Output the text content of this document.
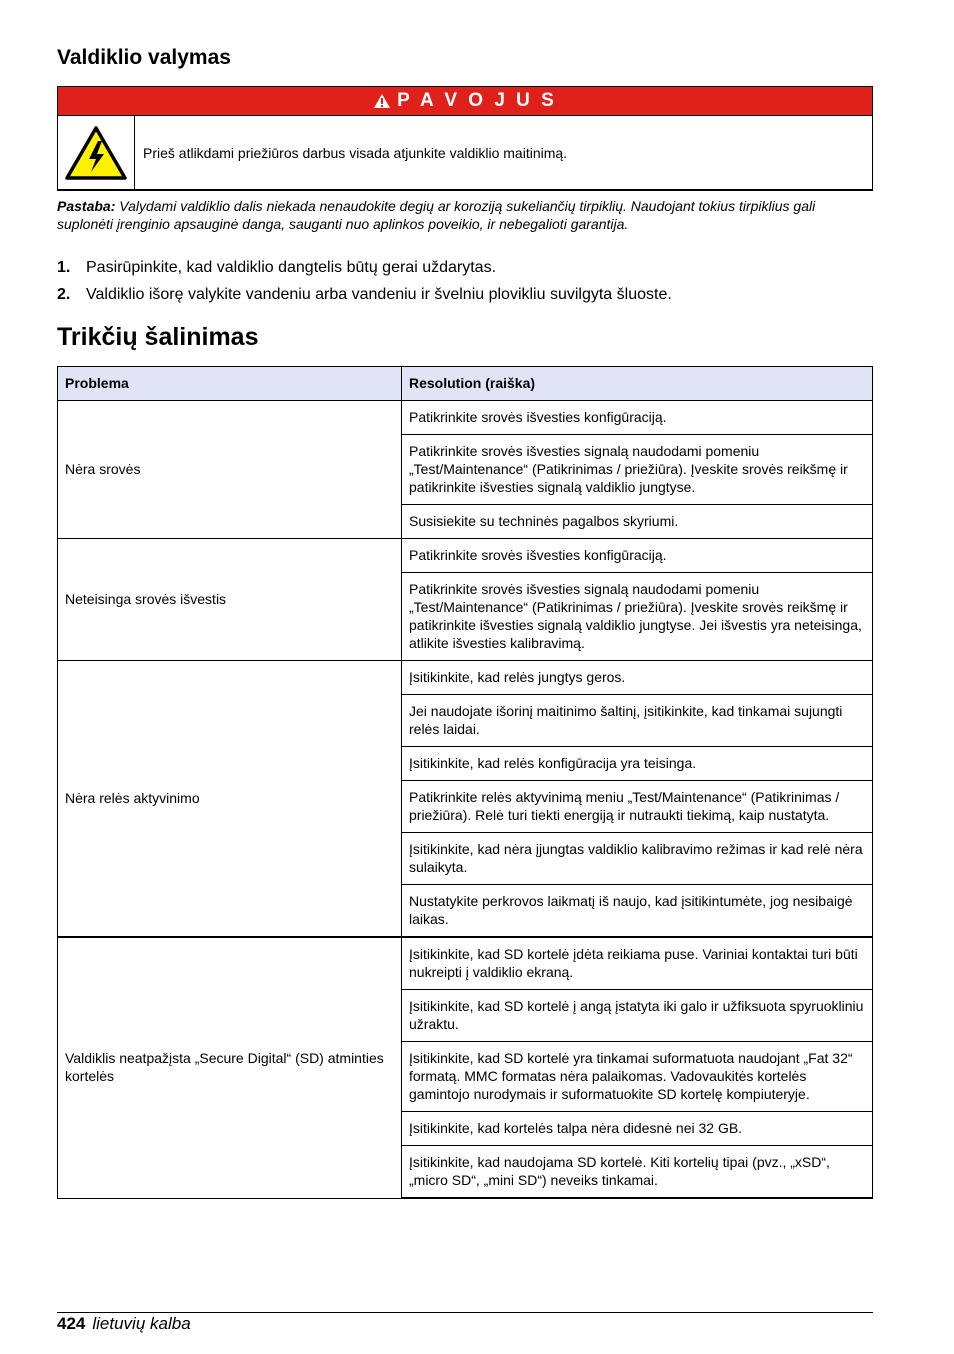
Valdiklio valymas
P A V O J U S
Prieš atlikdami priežiūros darbus visada atjunkite valdiklio maitinimą.
Pastaba: Valydami valdiklio dalis niekada nenaudokite degių ar koroziją sukeliančių tirpiklių. Naudojant tokius tirpiklius gali suplonėti įrenginio apsauginė danga, sauganti nuo aplinkos poveikio, ir nebegalioti garantija.
1. Pasirūpinkite, kad valdiklio dangtelis būtų gerai uždarytas.
2. Valdiklio išorę valykite vandeniu arba vandeniu ir švelniu plovikliu suvilgyta šluoste.
Trikčių šalinimas
Problema	Resolution (raiška)
Nėra srovės	Patikrinkite srovės išvesties konfigūraciją.
	Patikrinkite srovės išvesties signalą naudodami pomeniu „Test/Maintenance“ (Patikrinimas / priežiūra). Įveskite srovės reikšmę ir patikrinkite išvesties signalą valdiklio jungtyse.
	Susisiekite su techninės pagalbos skyriumi.
Neteisinga srovės išvestis	Patikrinkite srovės išvesties konfigūraciją.
	Patikrinkite srovės išvesties signalą naudodami pomeniu „Test/Maintenance“ (Patikrinimas / priežiūra). Įveskite srovės reikšmę ir patikrinkite išvesties signalą valdiklio jungtyse. Jei išvestis yra neteisinga, atlikite išvesties kalibravimą.
Nėra relės aktyvinimo	Įsitikinkite, kad relės jungtys geros.
	Jei naudojate išorinį maitinimo šaltinį, įsitikinkite, kad tinkamai sujungti relės laidai.
	Įsitikinkite, kad relės konfigūracija yra teisinga.
	Patikrinkite relės aktyvinimą meniu „Test/Maintenance“ (Patikrinimas / priežiūra). Relė turi tiekti energiją ir nutraukti tiekimą, kaip nustatyta.
	Įsitikinkite, kad nėra įjungtas valdiklio kalibravimo režimas ir kad relė nėra sulaikyta.
	Nustatykite perkrovos laikmatį iš naujo, kad įsitikintumėte, jog nesibaigė laikas.
Valdiklis neatpažįsta „Secure Digital“ (SD) atminties kortelės	Įsitikinkite, kad SD kortelė įdėta reikiama puse. Variniai kontaktai turi būti nukreipti į valdiklio ekraną.
	Įsitikinkite, kad SD kortelė į angą įstatyta iki galo ir užfiksuota spyruokliniu užraktu.
	Įsitikinkite, kad SD kortelė yra tinkamai suformatuota naudojant „Fat 32“ formatą. MMC formatas nėra palaikomas. Vadovaukitės kortelės gamintojo nurodymais ir suformatuokite SD kortelę kompiuteryje.
	Įsitikinkite, kad kortelės talpa nėra didesnė nei 32 GB.
	Įsitikinkite, kad naudojama SD kortelė. Kiti kortelių tipai (pvz., „xSD“, „micro SD“, „mini SD“) neveiks tinkamai.
424 lietuvių kalba
